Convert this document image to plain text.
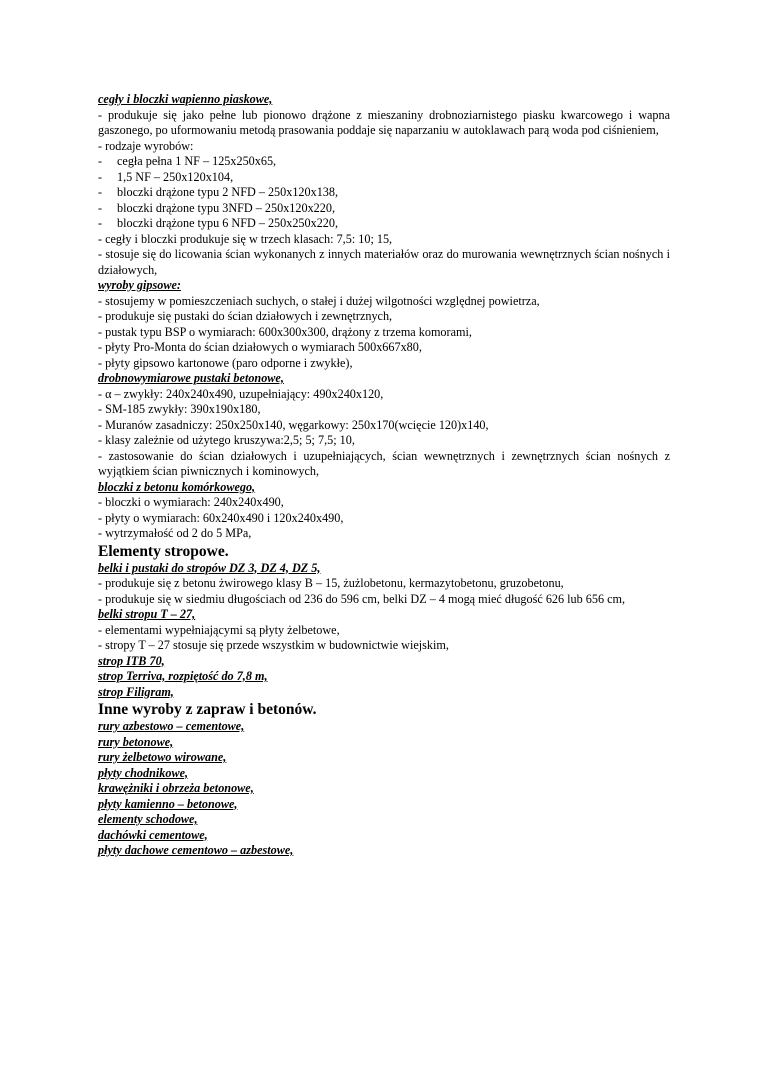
cegły i bloczki wapienno piaskowe,
- produkuje się jako pełne lub pionowo drążone z mieszaniny drobnoziarnistego piasku kwarcowego i wapna gaszonego, po uformowaniu metodą prasowania poddaje się naparzaniu w autoklawach parą woda pod ciśnieniem,
- rodzaje wyrobów:
- cegła pełna 1 NF – 125x250x65,
- 1,5 NF – 250x120x104,
- bloczki drążone typu 2 NFD – 250x120x138,
- bloczki drążone typu 3NFD – 250x120x220,
- bloczki drążone typu 6 NFD – 250x250x220,
- cegły i bloczki produkuje się w trzech klasach: 7,5: 10; 15,
- stosuje się do licowania ścian wykonanych z innych materiałów oraz do murowania wewnętrznych ścian nośnych i działowych,
wyroby gipsowe:
- stosujemy w pomieszczeniach suchych, o stałej i dużej wilgotności względnej powietrza,
- produkuje się pustaki do ścian działowych i zewnętrznych,
- pustak typu BSP o wymiarach: 600x300x300, drążony z trzema komorami,
- płyty Pro-Monta do ścian działowych o wymiarach 500x667x80,
- płyty gipsowo kartonowe (paro odporne i zwykłe),
drobnowymiarowe pustaki betonowe,
- α – zwykły: 240x240x490, uzupełniający: 490x240x120,
- SM-185 zwykły: 390x190x180,
- Muranów zasadniczy: 250x250x140, węgarkowy: 250x170(wcięcie 120)x140,
- klasy zależnie od użytego kruszywa:2,5; 5; 7,5; 10,
- zastosowanie do ścian działowych i uzupełniających, ścian wewnętrznych i zewnętrznych ścian nośnych z wyjątkiem ścian piwnicznych i kominowych,
bloczki z betonu komórkowego,
- bloczki o wymiarach: 240x240x490,
- płyty o wymiarach: 60x240x490 i 120x240x490,
- wytrzymałość od 2 do 5 MPa,
Elementy stropowe.
belki i pustaki do stropów DZ 3, DZ 4, DZ 5,
- produkuje się z betonu żwirowego klasy B – 15, żużlobetonu, kermazytobetonu, gruzobetonu,
- produkuje się w siedmiu długościach od 236 do 596 cm, belki DZ – 4 mogą mieć długość 626 lub 656 cm,
belki stropu T – 27,
- elementami wypełniającymi są płyty żelbetowe,
- stropy T – 27 stosuje się przede wszystkim w budownictwie wiejskim,
strop ITB 70,
strop Terriva, rozpiętość do 7,8 m,
strop Filigram,
Inne wyroby z zapraw i betonów.
rury azbestowo – cementowe,
rury betonowe,
rury żelbetowo wirowane,
płyty chodnikowe,
krawężniki i obrzeża betonowe,
płyty kamienno – betonowe,
elementy schodowe,
dachówki cementowe,
płyty dachowe cementowo – azbestowe,
